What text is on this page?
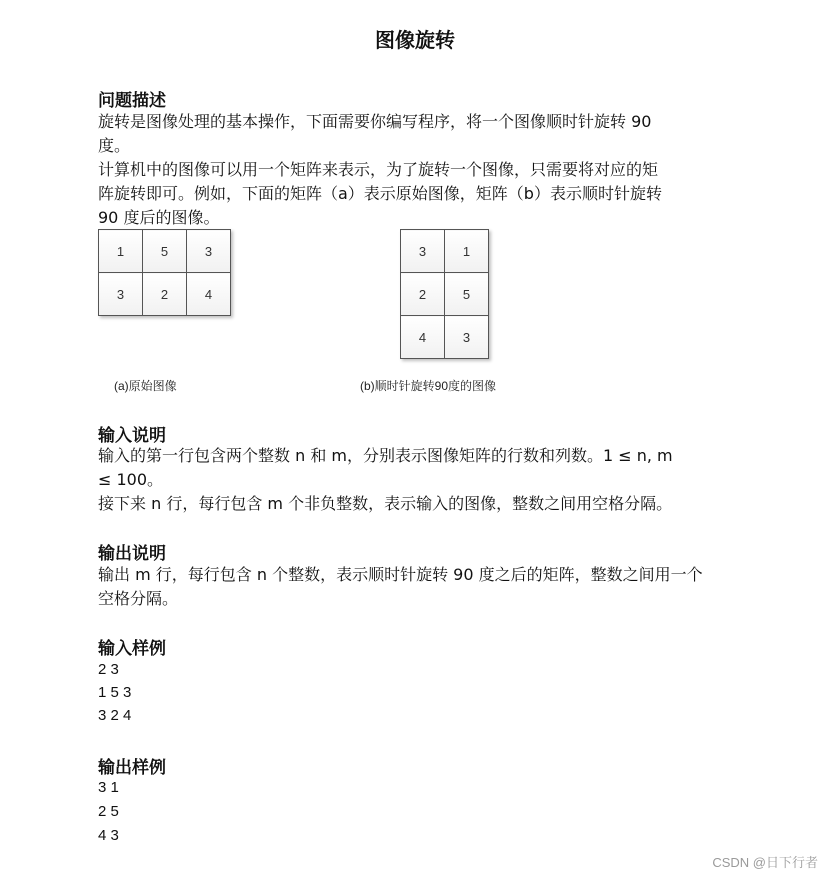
图像旋转
问题描述
旋转是图像处理的基本操作，下面需要你编写程序，将一个图像顺时针旋转 90
度。
计算机中的图像可以用一个矩阵来表示，为了旋转一个图像，只需要将对应的矩
阵旋转即可。例如，下面的矩阵（a）表示原始图像，矩阵（b）表示顺时针旋转
90 度后的图像。
1	5	3
3	2	4
3	1
2	5
4	3
(a)原始图像	(b)顺时针旋转90度的图像
输入说明
输入的第一行包含两个整数 n 和 m，分别表示图像矩阵的行数和列数。1 ≤ n, m
≤ 100。
接下来 n 行，每行包含 m 个非负整数，表示输入的图像，整数之间用空格分隔。
输出说明
输出 m 行，每行包含 n 个整数，表示顺时针旋转 90 度之后的矩阵，整数之间用一个
空格分隔。
输入样例
2 3
1 5 3
3 2 4
输出样例
3 1
2 5
4 3
CSDN @日下行者
